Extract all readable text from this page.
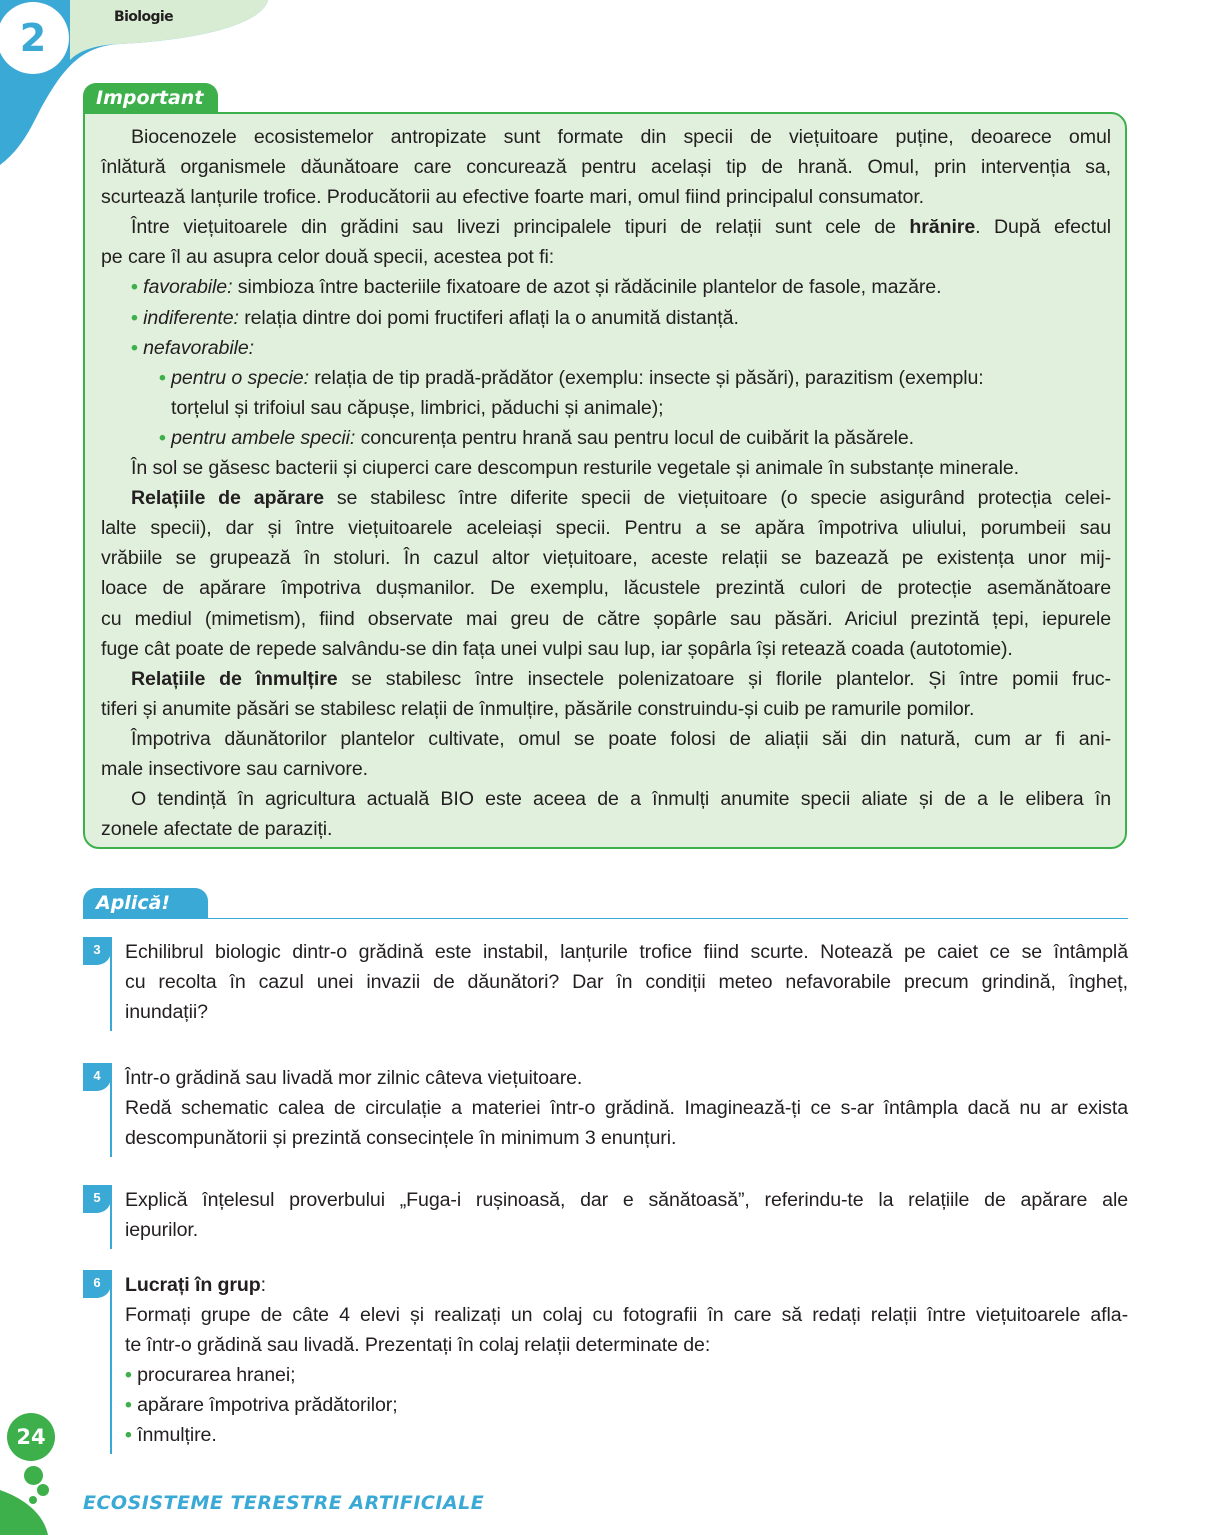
2	Biologie
Important
Biocenozele ecosistemelor antropizate sunt formate din specii de viețuitoare puține, deoarece omul
înlătură organismele dăunătoare care concurează pentru același tip de hrană. Omul, prin intervenția sa,
scurtează lanțurile trofice. Producătorii au efective foarte mari, omul fiind principalul consumator.
Între viețuitoarele din grădini sau livezi principalele tipuri de relații sunt cele de hrănire. După efectul
pe care îl au asupra celor două specii, acestea pot fi:
• favorabile: simbioza între bacteriile fixatoare de azot și rădăcinile plantelor de fasole, mazăre.
• indiferente: relația dintre doi pomi fructiferi aflați la o anumită distanță.
• nefavorabile:
• pentru o specie: relația de tip pradă-prădător (exemplu: insecte și păsări), parazitism (exemplu:
torțelul și trifoiul sau căpușe, limbrici, păduchi și animale);
• pentru ambele specii: concurența pentru hrană sau pentru locul de cuibărit la păsărele.
În sol se găsesc bacterii și ciuperci care descompun resturile vegetale și animale în substanțe minerale.
Relațiile de apărare se stabilesc între diferite specii de viețuitoare (o specie asigurând protecția celei-
lalte specii), dar și între viețuitoarele aceleiași specii. Pentru a se apăra împotriva uliului, porumbeii sau
vrăbiile se grupează în stoluri. În cazul altor viețuitoare, aceste relații se bazează pe existența unor mij-
loace de apărare împotriva dușmanilor. De exemplu, lăcustele prezintă culori de protecție asemănătoare
cu mediul (mimetism), fiind observate mai greu de către șopârle sau păsări. Ariciul prezintă țepi, iepurele
fuge cât poate de repede salvându-se din fața unei vulpi sau lup, iar șopârla își retează coada (autotomie).
Relațiile de înmulțire se stabilesc între insectele polenizatoare și florile plantelor. Și între pomii fruc-
tiferi și anumite păsări se stabilesc relații de înmulțire, păsările construindu-și cuib pe ramurile pomilor.
Împotriva dăunătorilor plantelor cultivate, omul se poate folosi de aliații săi din natură, cum ar fi ani-
male insectivore sau carnivore.
O tendință în agricultura actuală BIO este aceea de a înmulți anumite specii aliate și de a le elibera în
zonele afectate de paraziți.
Aplică!
3	Echilibrul biologic dintr-o grădină este instabil, lanțurile trofice fiind scurte. Notează pe caiet ce se întâmplă
cu recolta în cazul unei invazii de dăunători? Dar în condiții meteo nefavorabile precum grindină, îngheț,
inundații?
4	Într-o grădină sau livadă mor zilnic câteva viețuitoare.
Redă schematic calea de circulație a materiei într-o grădină. Imaginează-ți ce s-ar întâmpla dacă nu ar exista
descompunătorii și prezintă consecințele în minimum 3 enunțuri.
5	Explică înțelesul proverbului „Fuga-i rușinoasă, dar e sănătoasă”, referindu-te la relațiile de apărare ale
iepurilor.
6	Lucrați în grup:
Formați grupe de câte 4 elevi și realizați un colaj cu fotografii în care să redați relații între viețuitoarele afla-
te într-o grădină sau livadă. Prezentați în colaj relații determinate de:
• procurarea hranei;
• apărare împotriva prădătorilor;
• înmulțire.
24
ECOSISTEME TERESTRE ARTIFICIALE
